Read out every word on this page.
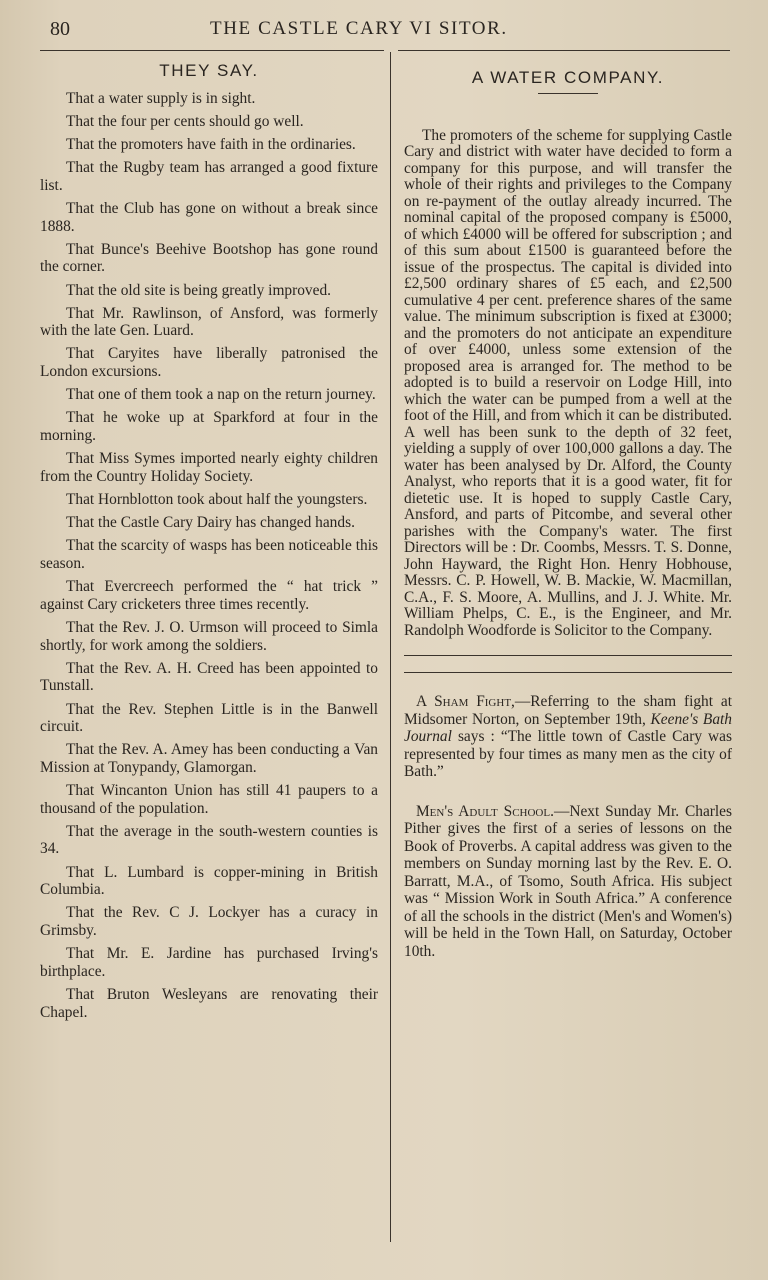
80	THE CASTLE CARY VI SITOR.
THEY SAY.

That a water supply is in sight.

That the four per cents should go well.

That the promoters have faith in the ordinaries.

That the Rugby team has arranged a good fixture list.

That the Club has gone on without a break since 1888.

That Bunce's Beehive Bootshop has gone round the corner.

That the old site is being greatly improved.

That Mr. Rawlinson, of Ansford, was formerly with the late Gen. Luard.

That Caryites have liberally patronised the London excursions.

That one of them took a nap on the return journey.

That he woke up at Sparkford at four in the morning.

That Miss Symes imported nearly eighty children from the Country Holiday Society.

That Hornblotton took about half the youngsters.

That the Castle Cary Dairy has changed hands.

That the scarcity of wasps has been noticeable this season.

That Evercreech performed the “ hat trick ” against Cary cricketers three times recently.

That the Rev. J. O. Urmson will proceed to Simla shortly, for work among the soldiers.

That the Rev. A. H. Creed has been appointed to Tunstall.

That the Rev. Stephen Little is in the Banwell circuit.

That the Rev. A. Amey has been conducting a Van Mission at Tonypandy, Glamorgan.

That Wincanton Union has still 41 paupers to a thousand of the population.

That the average in the south-western counties is 34.

That L. Lumbard is copper-mining in British Columbia.

That the Rev. C J. Lockyer has a curacy in Grimsby.

That Mr. E. Jardine has purchased Irving's birthplace.

That Bruton Wesleyans are renovating their Chapel.

A WATER COMPANY.

The promoters of the scheme for supplying Castle Cary and district with water have decided to form a company for this purpose, and will transfer the whole of their rights and privileges to the Company on re-payment of the outlay already incurred. The nominal capital of the proposed company is £5000, of which £4000 will be offered for subscription ; and of this sum about £1500 is guaranteed before the issue of the prospectus. The capital is divided into £2,500 ordinary shares of £5 each, and £2,500 cumulative 4 per cent. preference shares of the same value. The minimum subscription is fixed at £3000; and the promoters do not anticipate an expenditure of over £4000, unless some extension of the proposed area is arranged for. The method to be adopted is to build a reservoir on Lodge Hill, into which the water can be pumped from a well at the foot of the Hill, and from which it can be distributed. A well has been sunk to the depth of 32 feet, yielding a supply of over 100,000 gallons a day. The water has been analysed by Dr. Alford, the County Analyst, who reports that it is a good water, fit for dietetic use. It is hoped to supply Castle Cary, Ansford, and parts of Pitcombe, and several other parishes with the Company's water. The first Directors will be : Dr. Coombs, Messrs. T. S. Donne, John Hayward, the Right Hon. Henry Hobhouse, Messrs. C. P. Howell, W. B. Mackie, W. Macmillan, C.A., F. S. Moore, A. Mullins, and J. J. White. Mr. William Phelps, C. E., is the Engineer, and Mr. Randolph Woodforde is Solicitor to the Company.

A Sham Fight,—Referring to the sham fight at Midsomer Norton, on September 19th, Keene's Bath Journal says : “The little town of Castle Cary was represented by four times as many men as the city of Bath.”

Men's Adult School.—Next Sunday Mr. Charles Pither gives the first of a series of lessons on the Book of Proverbs. A capital address was given to the members on Sunday morning last by the Rev. E. O. Barratt, M.A., of Tsomo, South Africa. His subject was “ Mission Work in South Africa.” A conference of all the schools in the district (Men's and Women's) will be held in the Town Hall, on Saturday, October 10th.
